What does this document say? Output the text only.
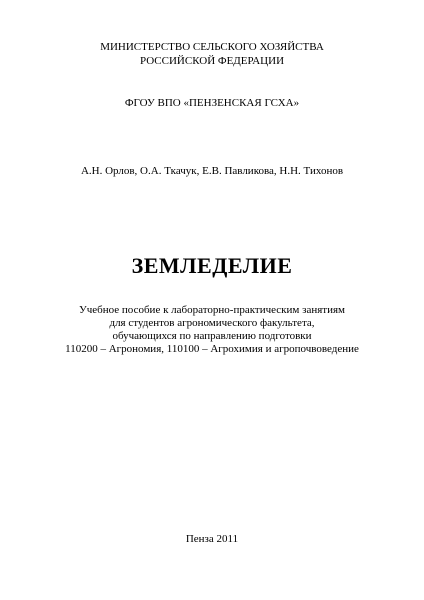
МИНИСТЕРСТВО СЕЛЬСКОГО ХОЗЯЙСТВА
РОССИЙСКОЙ ФЕДЕРАЦИИ
ФГОУ ВПО «ПЕНЗЕНСКАЯ ГСХА»
А.Н. Орлов, О.А. Ткачук, Е.В. Павликова, Н.Н. Тихонов
ЗЕМЛЕДЕЛИЕ
Учебное пособие к лабораторно-практическим занятиям
для студентов агрономического факультета,
обучающихся по направлению подготовки
110200 – Агрономия, 110100 – Агрохимия и агропочвоведение
Пенза 2011
